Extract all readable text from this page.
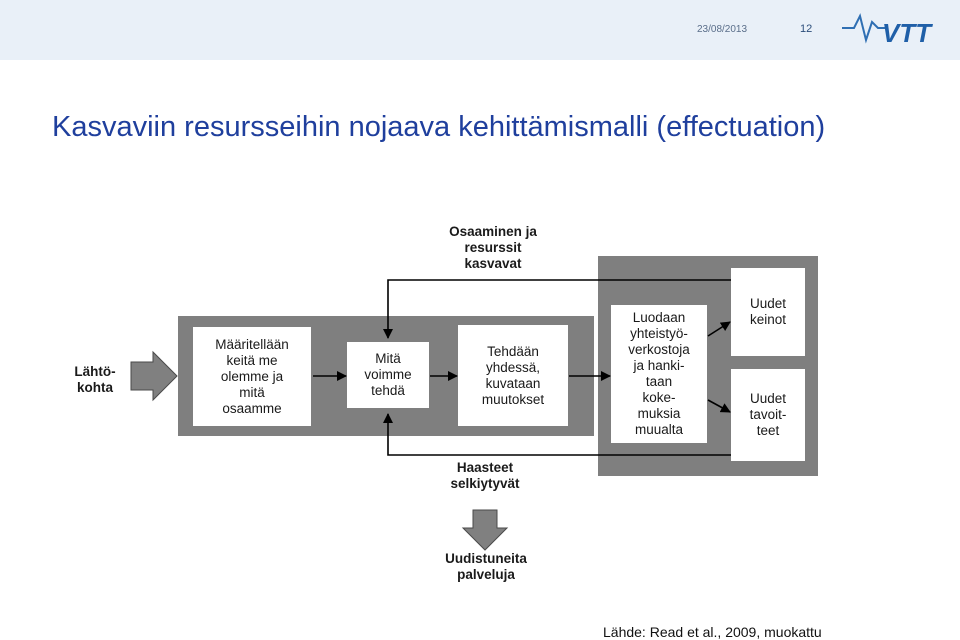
23/08/2013	12	VTT
Kasvaviin resursseihin nojaava kehittämismalli (effectuation)
Lähtö-
kohta
Osaaminen ja
resurssit
kasvavat
Määritellään
keitä me
olemme ja
mitä
osaamme
Mitä
voimme
tehdä
Tehdään
yhdessä,
kuvataan
muutokset
Luodaan
yhteistyö-
verkostoja
ja hanki-
taan
koke-
muksia
muualta
Uudet
keinot
Uudet
tavoit-
teet
Haasteet
selkiytyvät
Uudistuneita
palveluja
Lähde: Read et al., 2009, muokattu
